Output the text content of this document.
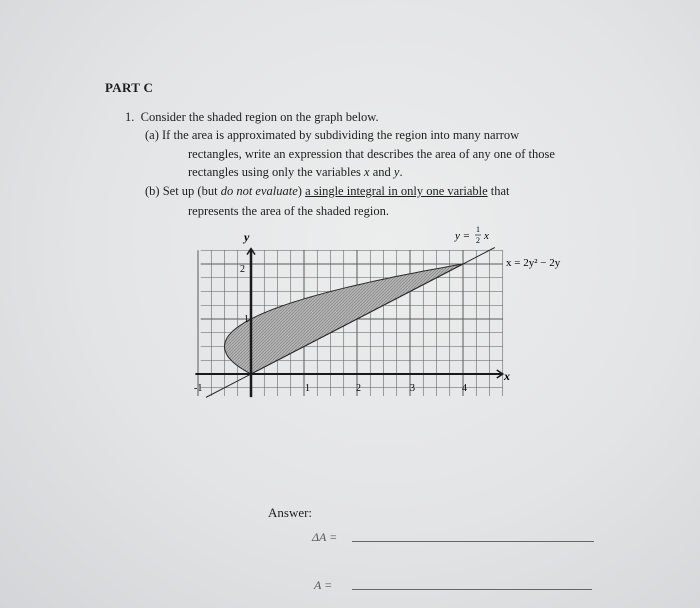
PART C
1. Consider the shaded region on the graph below.
(a) If the area is approximated by subdividing the region into many narrow
rectangles, write an expression that describes the area of any one of those
rectangles using only the variables x and y.
(b) Set up (but do not evaluate) a single integral in only one variable that
represents the area of the shaded region.
y
x
2
1
-1	1	2	3	4
y =
1
2 x
x = 2y² − 2y
Answer:
ΔA =
A =
